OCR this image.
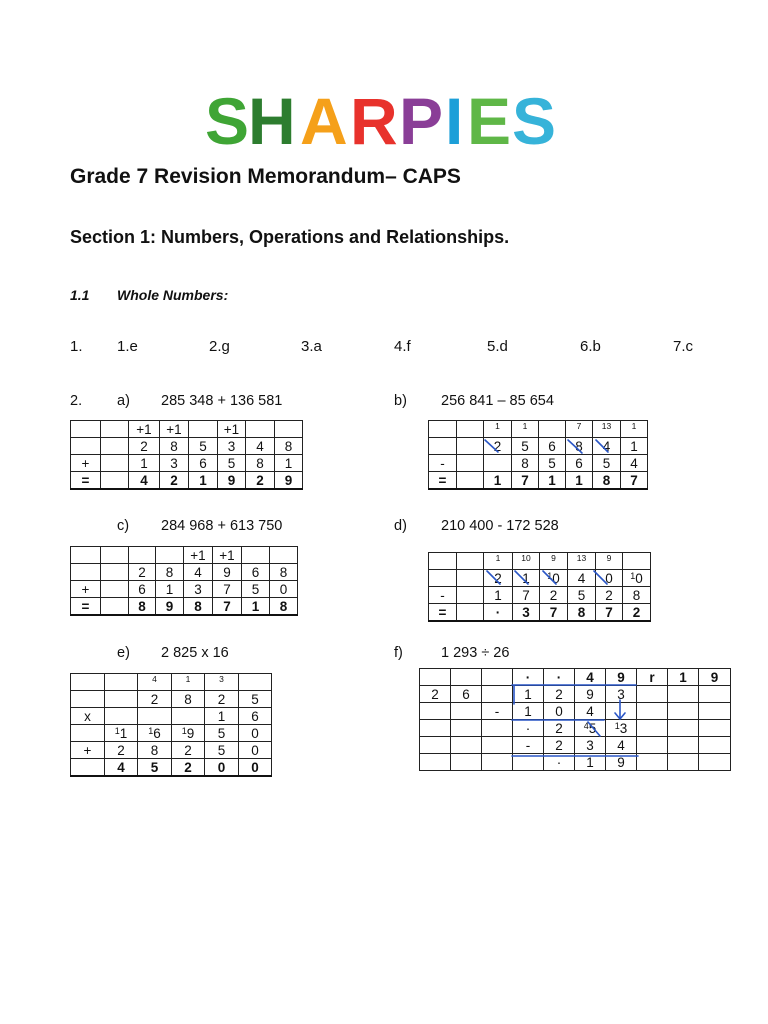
S
H A R P I E S
Grade 7 Revision Memorandum– CAPS
Section 1: Numbers, Operations and Relationships.
1.1 Whole Numbers:
1. 1.e	2.g	3.a	4.f	5.d	6.b	7.c
2. a) 285 348 + 136 581	b) 256 841 – 85 654
c) 284 968 + 613 750	d) 210 400 - 172 528
e) 2 825 x 16	f)	1 293 ÷ 26
		+1	+1		+1		
		2	8	5	3	4	8
+		1	3	6	5	8	1
=		4	2	1	9	2	9
		1	1		7	13	1
		2	5	6	8	4	1
-			8	5	6	5	4
=		1	7	1	1	8	7
				+1	+1		
		2	8	4	9	6	8
+		6	1	3	7	5	0
=		8	9	8	7	1	8
		1	10	9	13	9	
		2	1	$^1$0	4	0	$^1$0
-		1	7	2	5	2	8
=		·	3	7	8	7	2
		4	1	3	
		2	8	2	5
x				1	6
	$^1$1	$^1$6	$^1$9	5	0
+	2	8	2	5	0
	4	5	2	0	0
			·	·	4	9	r	1	9
2	6		1	2	9	3			
		-	1	0	4				
			·	2	$^4$5	$^1$3			
			-	2	3	4			
				·	1	9			
